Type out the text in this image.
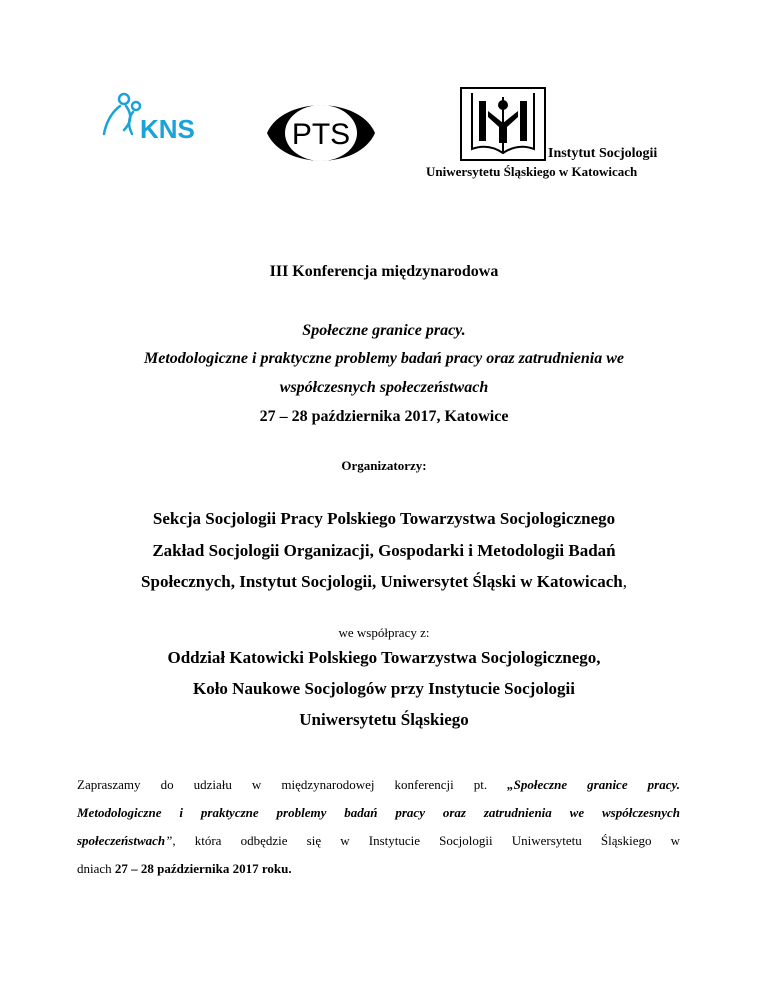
KNS	PTS
Instytut Socjologii
Uniwersytetu Śląskiego w Katowicach
III Konferencja międzynarodowa
Społeczne granice pracy.
Metodologiczne i praktyczne problemy badań pracy oraz zatrudnienia we
współczesnych społeczeństwach
27 – 28 października 2017, Katowice
Organizatorzy:
Sekcja Socjologii Pracy Polskiego Towarzystwa Socjologicznego
Zakład Socjologii Organizacji, Gospodarki i Metodologii Badań
Społecznych, Instytut Socjologii, Uniwersytet Śląski w Katowicach,
we współpracy z:
Oddział Katowicki Polskiego Towarzystwa Socjologicznego,
Koło Naukowe Socjologów przy Instytucie Socjologii
Uniwersytetu Śląskiego
Zapraszamy do udziału w międzynarodowej konferencji pt. „Społeczne granice pracy.
Metodologiczne i praktyczne problemy badań pracy oraz zatrudnienia we współczesnych
społeczeństwach”, która odbędzie się w Instytucie Socjologii Uniwersytetu Śląskiego w
dniach 27 – 28 października 2017 roku.
